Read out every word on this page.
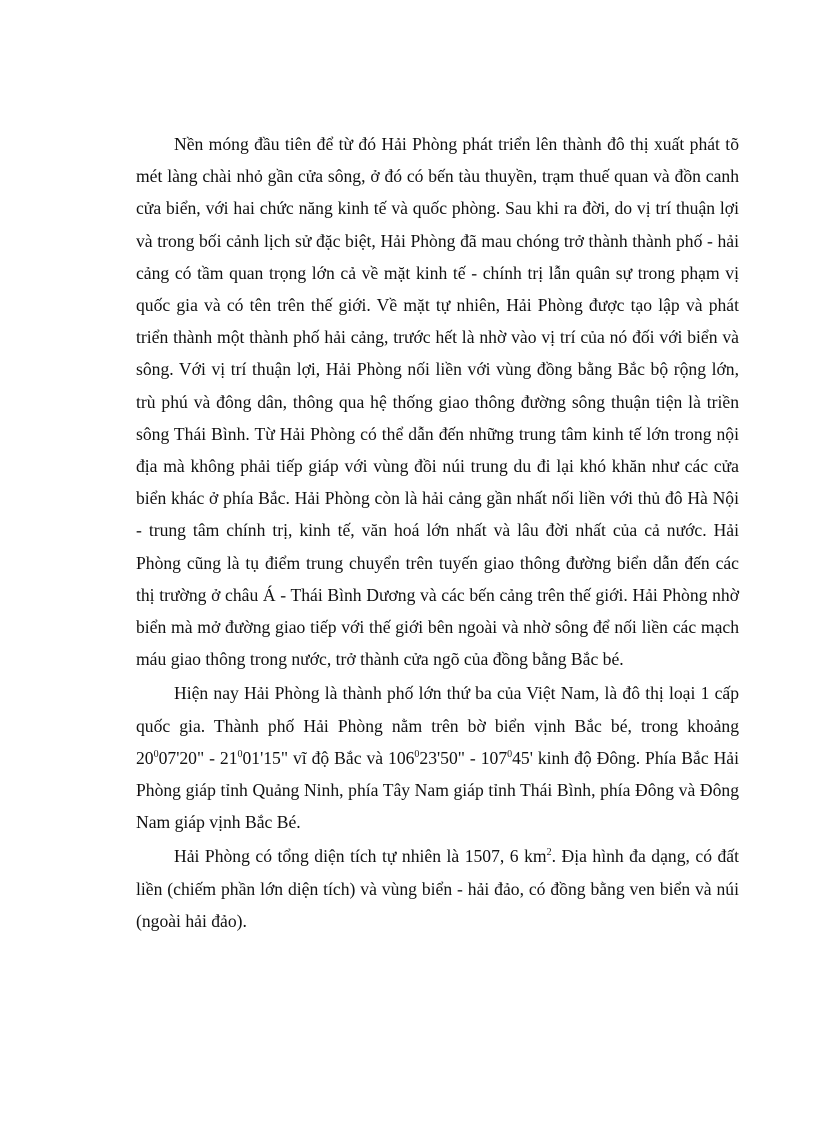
Nền móng đầu tiên để từ đó Hải Phòng phát triển lên thành đô thị xuất phát tõ mét làng chài nhỏ gần cửa sông, ở đó có bến tàu thuyền, trạm thuế quan và đồn canh cửa biển, với hai chức năng kinh tế và quốc phòng. Sau khi ra đời, do vị trí thuận lợi và trong bối cảnh lịch sử đặc biệt, Hải Phòng đã mau chóng trở thành thành phố - hải cảng có tầm quan trọng lớn cả về mặt kinh tế - chính trị lẫn quân sự trong phạm vị quốc gia và có tên trên thế giới. Về mặt tự nhiên, Hải Phòng được tạo lập và phát triển thành một thành phố hải cảng, trước hết là nhờ vào vị trí của nó đối với biển và sông. Với vị trí thuận lợi, Hải Phòng nối liền với vùng đồng bằng Bắc bộ rộng lớn, trù phú và đông dân, thông qua hệ thống giao thông đường sông thuận tiện là triền sông Thái Bình. Từ Hải Phòng có thể dẫn đến những trung tâm kinh tế lớn trong nội địa mà không phải tiếp giáp với vùng đồi núi trung du đi lại khó khăn như các cửa biển khác ở phía Bắc. Hải Phòng còn là hải cảng gần nhất nối liền với thủ đô Hà Nội - trung tâm chính trị, kinh tế, văn hoá lớn nhất và lâu đời nhất của cả nước. Hải Phòng cũng là tụ điểm trung chuyển trên tuyến giao thông đường biển dẫn đến các thị trường ở châu Á - Thái Bình Dương và các bến cảng trên thế giới. Hải Phòng nhờ biển mà mở đường giao tiếp với thế giới bên ngoài và nhờ sông để nối liền các mạch máu giao thông trong nước, trở thành cửa ngõ của đồng bằng Bắc bé.

Hiện nay Hải Phòng là thành phố lớn thứ ba của Việt Nam, là đô thị loại 1 cấp quốc gia. Thành phố Hải Phòng nằm trên bờ biển vịnh Bắc bé, trong khoảng $20^007'20$" - $21^001'15$" vĩ độ Bắc và $106^023'50$" - $107^045'$ kinh độ Đông. Phía Bắc Hải Phòng giáp tỉnh Quảng Ninh, phía Tây Nam giáp tỉnh Thái Bình, phía Đông và Đông Nam giáp vịnh Bắc Bé.

Hải Phòng có tổng diện tích tự nhiên là 1507, 6 $km^2$. Địa hình đa dạng, có đất liền (chiếm phần lớn diện tích) và vùng biển - hải đảo, có đồng bằng ven biển và núi (ngoài hải đảo).
